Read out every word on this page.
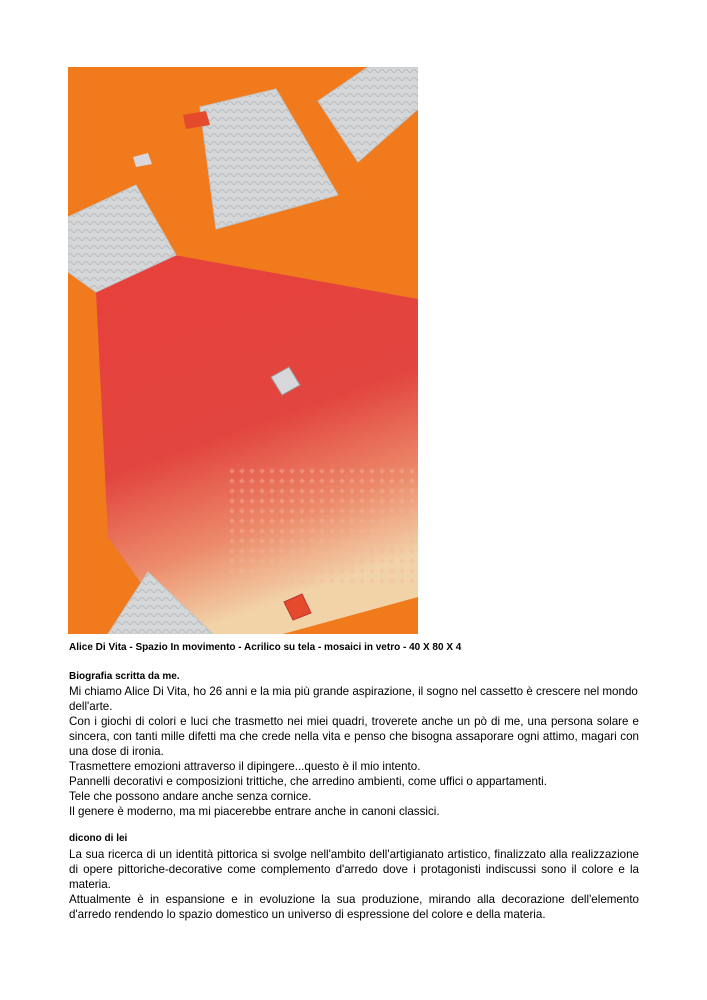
Alice Di Vita - Spazio In movimento - Acrilico su tela - mosaici in vetro - 40 X 80 X 4
Biografia scritta da me.

Mi chiamo Alice Di Vita, ho 26 anni e la mia più grande aspirazione, il sogno nel cassetto è crescere nel mondo dell'arte.

Con i giochi di colori e luci che trasmetto nei miei quadri, troverete anche un pò di me, una persona solare e sincera, con tanti mille difetti ma che crede nella vita e penso che bisogna assaporare ogni attimo, magari con una dose di ironia.

Trasmettere emozioni attraverso il dipingere...questo è il mio intento.

Pannelli decorativi e composizioni trittiche, che arredino ambienti, come uffici o appartamenti.

Tele che possono andare anche senza cornice.

Il genere è moderno, ma mi piacerebbe entrare anche in canoni classici.

dicono di lei

La sua ricerca di un identità pittorica si svolge nell'ambito dell'artigianato artistico, finalizzato alla realizzazione di opere pittoriche-decorative come complemento d'arredo dove i protagonisti indiscussi sono il colore e la materia.

Attualmente è in espansione e in evoluzione la sua produzione, mirando alla decorazione dell'elemento d'arredo rendendo lo spazio domestico un universo di espressione del colore e della materia.
